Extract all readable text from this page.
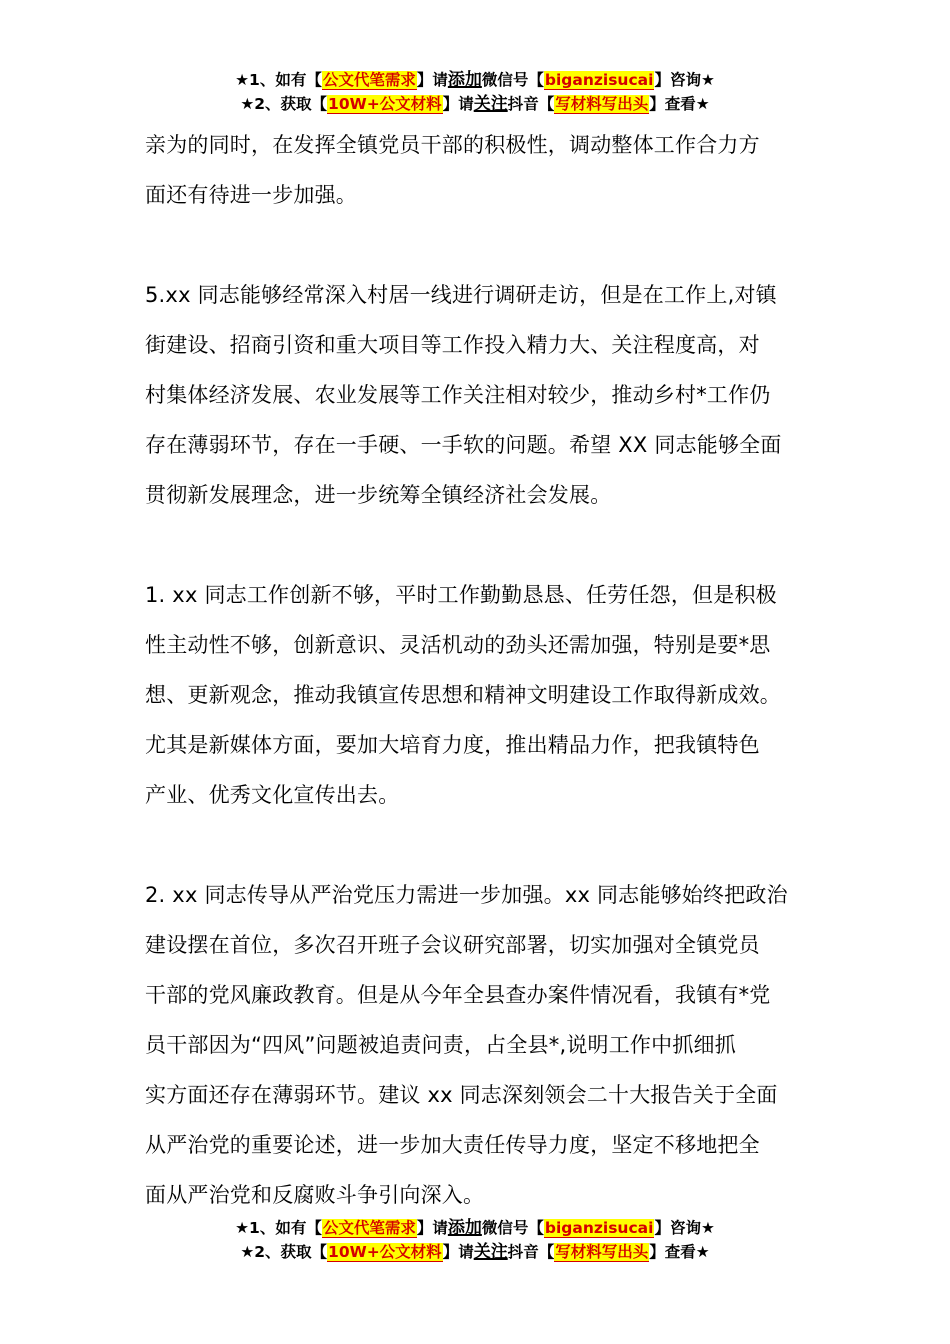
★1、如有【公文代笔需求】请添加微信号【biganzisucai】咨询★
★2、获取【10W+公文材料】请关注抖音【写材料写出头】查看★

亲为的同时，在发挥全镇党员干部的积极性，调动整体工作合力方

面还有待进一步加强。

5.xx 同志能够经常深入村居一线进行调研走访，但是在工作上,对镇

街建设、招商引资和重大项目等工作投入精力大、关注程度高，对

村集体经济发展、农业发展等工作关注相对较少，推动乡村*工作仍

存在薄弱环节，存在一手硬、一手软的问题。希望 XX 同志能够全面

贯彻新发展理念，进一步统筹全镇经济社会发展。

1. xx 同志工作创新不够，平时工作勤勤恳恳、任劳任怨，但是积极

性主动性不够，创新意识、灵活机动的劲头还需加强，特别是要*思

想、更新观念，推动我镇宣传思想和精神文明建设工作取得新成效。

尤其是新媒体方面，要加大培育力度，推出精品力作，把我镇特色

产业、优秀文化宣传出去。

2. xx 同志传导从严治党压力需进一步加强。xx 同志能够始终把政治

建设摆在首位，多次召开班子会议研究部署，切实加强对全镇党员

干部的党风廉政教育。但是从今年全县查办案件情况看，我镇有*党

员干部因为“四风”问题被追责问责，占全县*,说明工作中抓细抓

实方面还存在薄弱环节。建议 xx 同志深刻领会二十大报告关于全面

从严治党的重要论述，进一步加大责任传导力度，坚定不移地把全

面从严治党和反腐败斗争引向深入。

★1、如有【公文代笔需求】请添加微信号【biganzisucai】咨询★
★2、获取【10W+公文材料】请关注抖音【写材料写出头】查看★
